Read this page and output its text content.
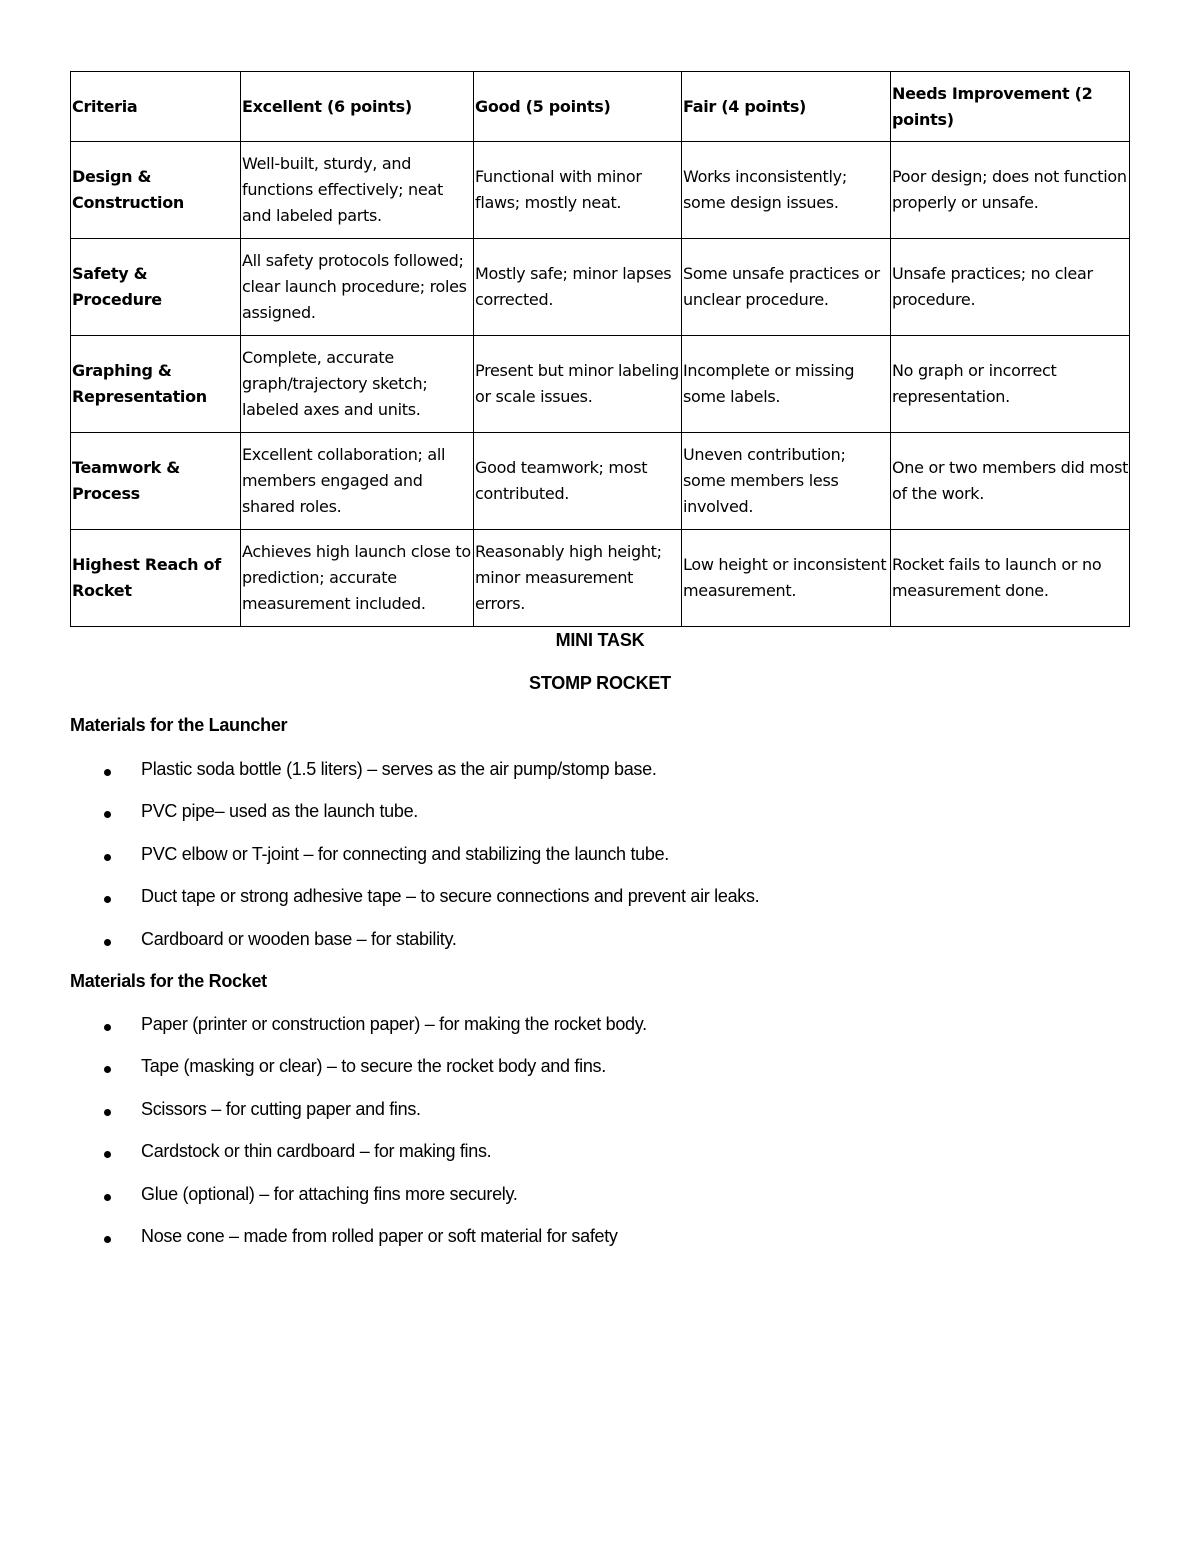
Criteria	Excellent (6 points)	Good (5 points)	Fair (4 points)	Needs Improvement (2 points)
Design & Construction	Well-built, sturdy, and functions effectively; neat and labeled parts.	Functional with minor flaws; mostly neat.	Works inconsistently; some design issues.	Poor design; does not function properly or unsafe.
Safety & Procedure	All safety protocols followed; clear launch procedure; roles assigned.	Mostly safe; minor lapses corrected.	Some unsafe practices or unclear procedure.	Unsafe practices; no clear procedure.
Graphing & Representation	Complete, accurate graph/trajectory sketch; labeled axes and units.	Present but minor labeling or scale issues.	Incomplete or missing some labels.	No graph or incorrect representation.
Teamwork & Process	Excellent collaboration; all members engaged and shared roles.	Good teamwork; most contributed.	Uneven contribution; some members less involved.	One or two members did most of the work.
Highest Reach of Rocket	Achieves high launch close to prediction; accurate measurement included.	Reasonably high height; minor measurement errors.	Low height or inconsistent measurement.	Rocket fails to launch or no measurement done.
MINI TASK
STOMP ROCKET
Materials for the Launcher
Plastic soda bottle (1.5 liters) – serves as the air pump/stomp base.
PVC pipe– used as the launch tube.
PVC elbow or T-joint – for connecting and stabilizing the launch tube.
Duct tape or strong adhesive tape – to secure connections and prevent air leaks.
Cardboard or wooden base – for stability.
Materials for the Rocket
Paper (printer or construction paper) – for making the rocket body.
Tape (masking or clear) – to secure the rocket body and fins.
Scissors – for cutting paper and fins.
Cardstock or thin cardboard – for making fins.
Glue (optional) – for attaching fins more securely.
Nose cone – made from rolled paper or soft material for safety
